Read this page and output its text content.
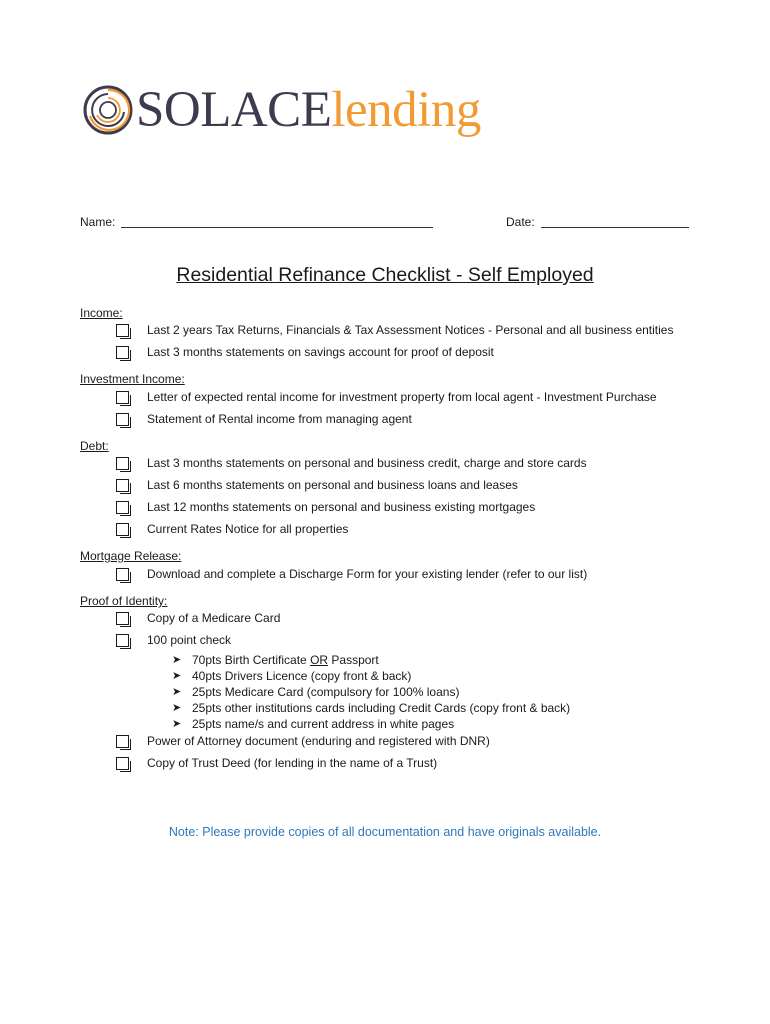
SOLACElending
Name:	Date:
Residential Refinance Checklist - Self Employed
Income:
Last 2 years Tax Returns, Financials & Tax Assessment Notices - Personal and all business entities
Last 3 months statements on savings account for proof of deposit
Investment Income:
Letter of expected rental income for investment property from local agent - Investment Purchase
Statement of Rental income from managing agent
Debt:
Last 3 months statements on personal and business credit, charge and store cards
Last 6 months statements on personal and business loans and leases
Last 12 months statements on personal and business existing mortgages
Current Rates Notice for all properties
Mortgage Release:
Download and complete a Discharge Form for your existing lender (refer to our list)
Proof of Identity:
Copy of a Medicare Card
100 point check
➤ 70pts Birth Certificate OR Passport
➤ 40pts Drivers Licence (copy front & back)
➤ 25pts Medicare Card (compulsory for 100% loans)
➤ 25pts other institutions cards including Credit Cards (copy front & back)
➤ 25pts name/s and current address in white pages
Power of Attorney document (enduring and registered with DNR)
Copy of Trust Deed (for lending in the name of a Trust)
Note: Please provide copies of all documentation and have originals available.
